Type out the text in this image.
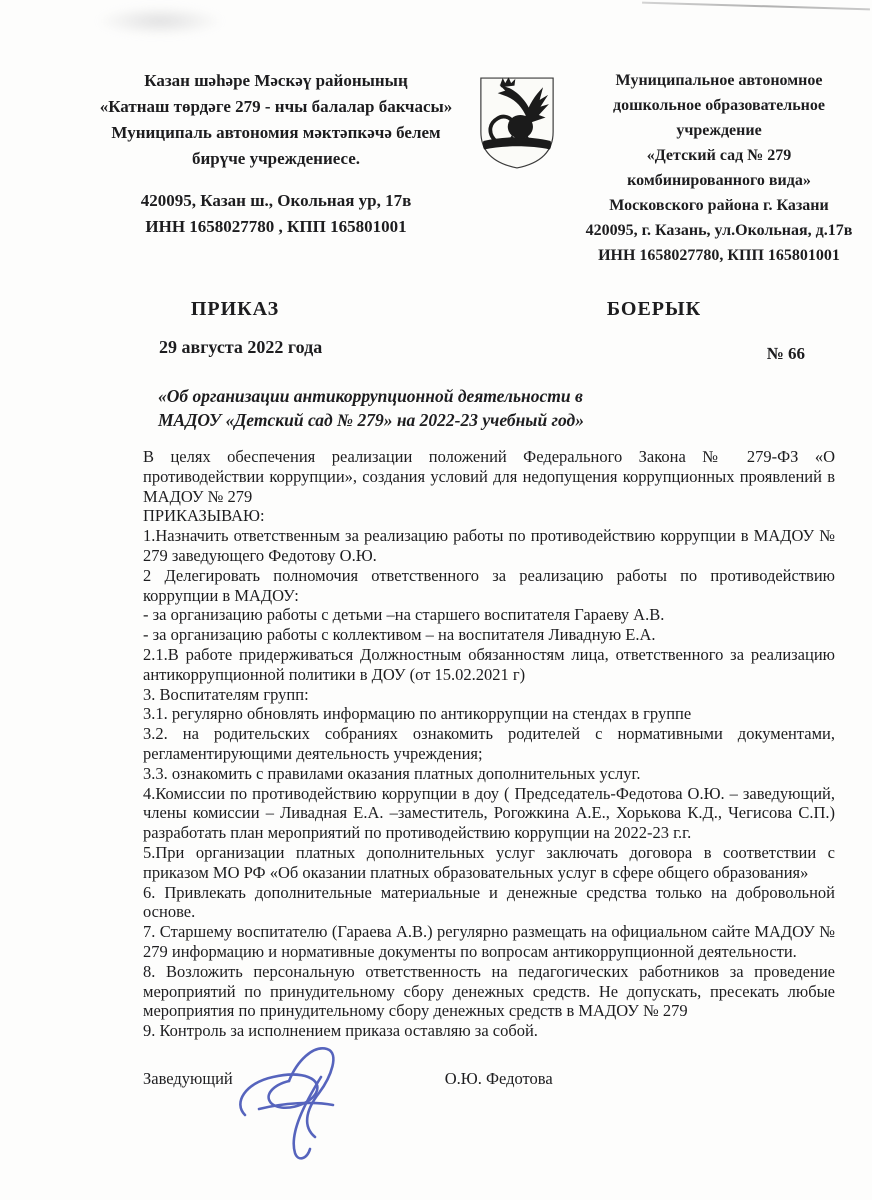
Казан шәһәре Мәскәү районының
«Катнаш төрдәге 279 - нчы балалар бакчасы»
Муниципаль автономия мәктәпкәчә белем
бирүче учреждениесе.
420095, Казан ш., Окольная ур, 17в
ИНН 1658027780 , КПП 165801001
Муниципальное автономное
дошкольное образовательное
учреждение
«Детский сад № 279
комбинированного вида»
Московского района г. Казани
420095, г. Казань, ул.Окольная, д.17в
ИНН 1658027780, КПП 165801001
ПРИКАЗ	БОЕРЫК
29 августа 2022 года	№ 66
«Об организации антикоррупционной деятельности в
МАДОУ «Детский сад № 279» на 2022-23 учебный год»

В целях обеспечения реализации положений Федерального Закона № 279-ФЗ «О противодействии коррупции», создания условий для недопущения коррупционных проявлений в МАДОУ № 279

ПРИКАЗЫВАЮ:

1.Назначить ответственным за реализацию работы по противодействию коррупции в МАДОУ № 279 заведующего Федотову О.Ю.

2 Делегировать полномочия ответственного за реализацию работы по противодействию коррупции в МАДОУ:

- за организацию работы с детьми –на старшего воспитателя Гараеву А.В.

- за организацию работы с коллективом – на воспитателя Ливадную Е.А.

2.1.В работе придерживаться Должностным обязанностям лица, ответственного за реализацию антикоррупционной политики в ДОУ (от 15.02.2021 г)

3. Воспитателям групп:

3.1. регулярно обновлять информацию по антикоррупции на стендах в группе

3.2. на родительских собраниях ознакомить родителей с нормативными документами, регламентирующими деятельность учреждения;

3.3. ознакомить с правилами оказания платных дополнительных услуг.

4.Комиссии по противодействию коррупции в доу ( Председатель-Федотова О.Ю. – заведующий, члены комиссии – Ливадная Е.А. –заместитель, Рогожкина А.Е., Хорькова К.Д., Чегисова С.П.) разработать план мероприятий по противодействию коррупции на 2022-23 г.г.

5.При организации платных дополнительных услуг заключать договора в соответствии с приказом МО РФ «Об оказании платных образовательных услуг в сфере общего образования»

6. Привлекать дополнительные материальные и денежные средства только на добровольной основе.

7. Старшему воспитателю (Гараева А.В.) регулярно размещать на официальном сайте МАДОУ № 279 информацию и нормативные документы по вопросам антикоррупционной деятельности.

8. Возложить персональную ответственность на педагогических работников за проведение мероприятий по принудительному сбору денежных средств. Не допускать, пресекать любые мероприятия по принудительному сбору денежных средств в МАДОУ № 279

9. Контроль за исполнением приказа оставляю за собой.

Заведующий	О.Ю. Федотова
